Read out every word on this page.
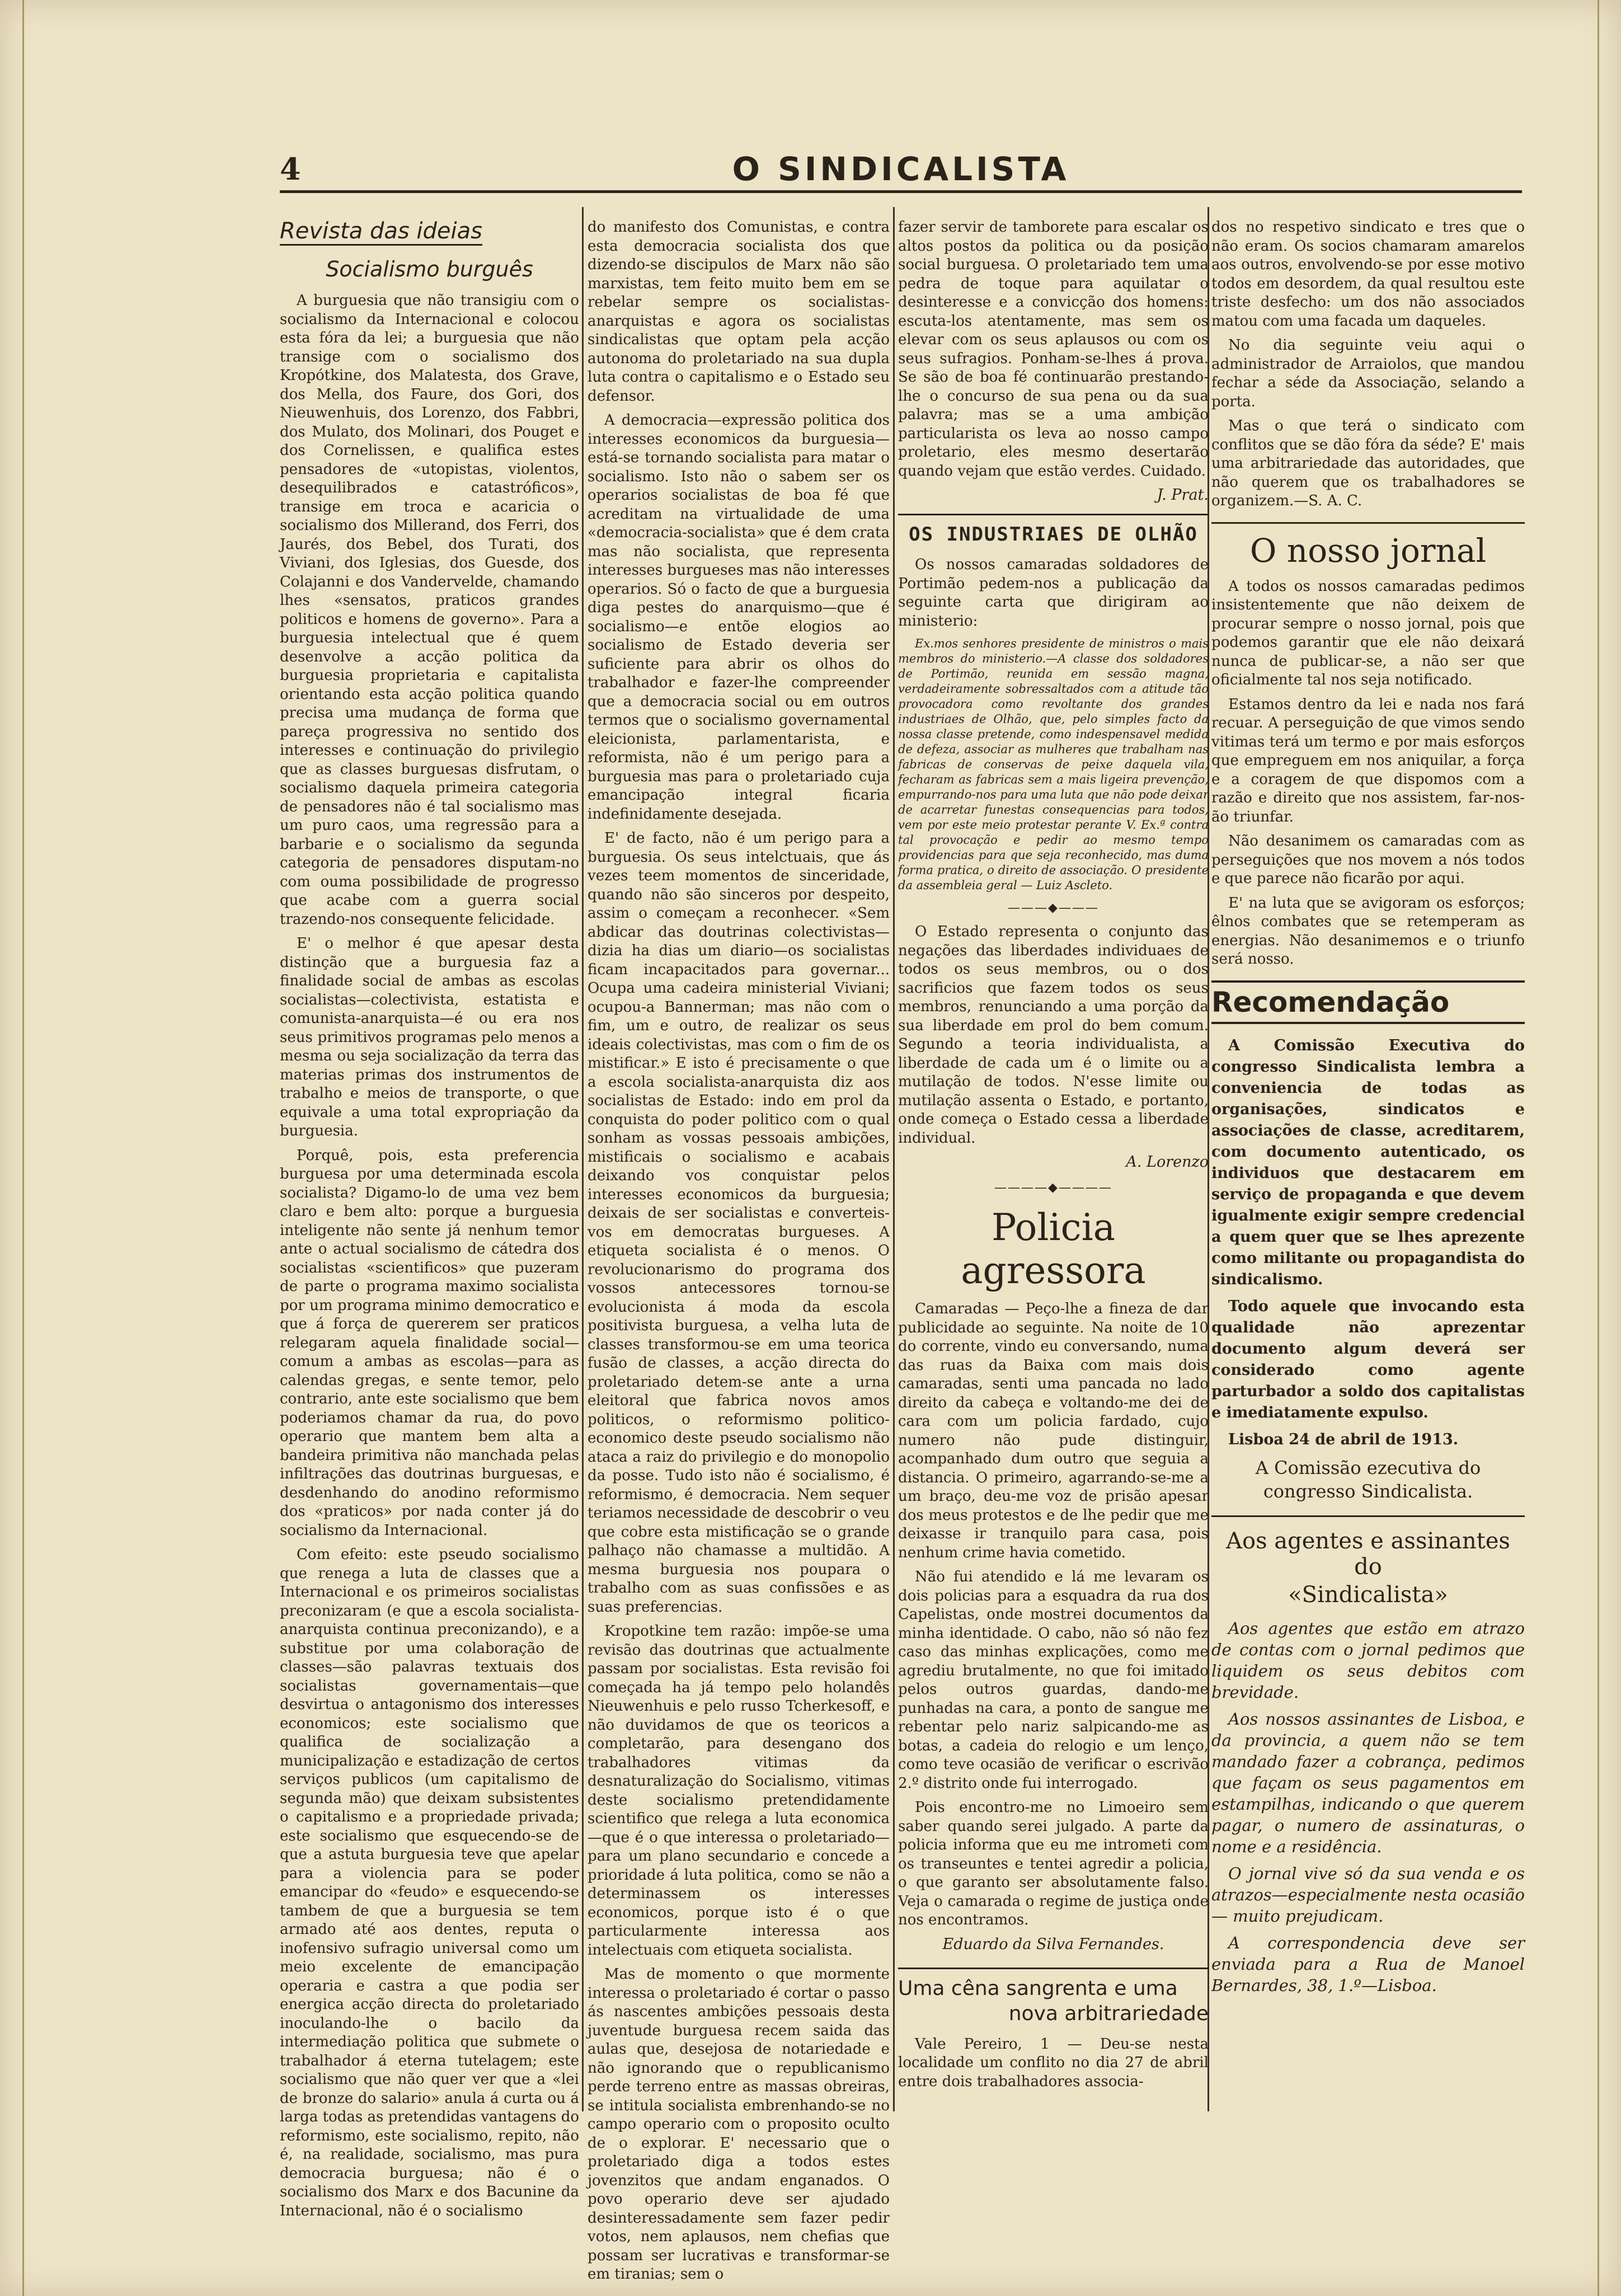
4	O SINDICALISTA
Revista das ideias
Socialismo burguês

A burguesia que não transigiu com o socialismo da Internacional e colocou esta fóra da lei; a burguesia que não transige com o socialismo dos Kropótkine, dos Malatesta, dos Grave, dos Mella, dos Faure, dos Gori, dos Nieuwenhuis, dos Lorenzo, dos Fabbri, dos Mulato, dos Molinari, dos Pouget e dos Cornelissen, e qualifica estes pensadores de «utopistas, violentos, desequilibrados e catastróficos», transige em troca e acaricia o socialismo dos Millerand, dos Ferri, dos Jaurés, dos Bebel, dos Turati, dos Viviani, dos Iglesias, dos Guesde, dos Colajanni e dos Vandervelde, chamando lhes «sensatos, praticos grandes politicos e homens de governo». Para a burguesia intelectual que é quem desenvolve a acção politica da burguesia proprietaria e capitalista orientando esta acção politica quando precisa uma mudança de forma que pareça progressiva no sentido dos interesses e continuação do privilegio que as classes burguesas disfrutam, o socialismo daquela primeira categoria de pensadores não é tal socialismo mas um puro caos, uma regressão para a barbarie e o socialismo da segunda categoria de pensadores disputam-no com ouma possibilidade de progresso que acabe com a guerra social trazendo-nos consequente felicidade.

E' o melhor é que apesar desta distinção que a burguesia faz a finalidade social de ambas as escolas socialistas—colectivista, estatista e comunista-anarquista—é ou era nos seus primitivos programas pelo menos a mesma ou seja socialização da terra das materias primas dos instrumentos de trabalho e meios de transporte, o que equivale a uma total expropriação da burguesia.

Porquê, pois, esta preferencia burguesa por uma determinada escola socialista? Digamo-lo de uma vez bem claro e bem alto: porque a burguesia inteligente não sente já nenhum temor ante o actual socialismo de cátedra dos socialistas «scientificos» que puzeram de parte o programa maximo socialista por um programa minimo democratico e que á força de quererem ser praticos relegaram aquela finalidade social—comum a ambas as escolas—para as calendas gregas, e sente temor, pelo contrario, ante este socialismo que bem poderiamos chamar da rua, do povo operario que mantem bem alta a bandeira primitiva não manchada pelas infiltrações das doutrinas burguesas, e desdenhando do anodino reformismo dos «praticos» por nada conter já do socialismo da Internacional.

Com efeito: este pseudo socialismo que renega a luta de classes que a Internacional e os primeiros socialistas preconizaram (e que a escola socialista-anarquista continua preconizando), e a substitue por uma colaboração de classes—são palavras textuais dos socialistas governamentais—que desvirtua o antagonismo dos interesses economicos; este socialismo que qualifica de socialização a municipalização e estadização de certos serviços publicos (um capitalismo de segunda mão) que deixam subsistentes o capitalismo e a propriedade privada; este socialismo que esquecendo-se de que a astuta burguesia teve que apelar para a violencia para se poder emancipar do «feudo» e esquecendo-se tambem de que a burguesia se tem armado até aos dentes, reputa o inofensivo sufragio universal como um meio excelente de emancipação operaria e castra a que podia ser energica acção directa do proletariado inoculando-lhe o bacilo da intermediação politica que submete o trabalhador á eterna tutelagem; este socialismo que não quer ver que a «lei de bronze do salario» anula á curta ou á larga todas as pretendidas vantagens do reformismo, este socialismo, repito, não é, na realidade, socialismo, mas pura democracia burguesa; não é o socialismo dos Marx e dos Bacunine da Internacional, não é o socialismo

do manifesto dos Comunistas, e contra esta democracia socialista dos que dizendo-se discipulos de Marx não são marxistas, tem feito muito bem em se rebelar sempre os socialistas-anarquistas e agora os socialistas sindicalistas que optam pela acção autonoma do proletariado na sua dupla luta contra o capitalismo e o Estado seu defensor.

A democracia—expressão politica dos interesses economicos da burguesia—está-se tornando socialista para matar o socialismo. Isto não o sabem ser os operarios socialistas de boa fé que acreditam na virtualidade de uma «democracia-socialista» que é dem crata mas não socialista, que representa interesses burgueses mas não interesses operarios. Só o facto de que a burguesia diga pestes do anarquismo—que é socialismo—e entõe elogios ao socialismo de Estado deveria ser suficiente para abrir os olhos do trabalhador e fazer-lhe compreender que a democracia social ou em outros termos que o socialismo governamental eleicionista, parlamentarista, e reformista, não é um perigo para a burguesia mas para o proletariado cuja emancipação integral ficaria indefinidamente desejada.

E' de facto, não é um perigo para a burguesia. Os seus intelctuais, que ás vezes teem momentos de sinceridade, quando não são sinceros por despeito, assim o começam a reconhecer. «Sem abdicar das doutrinas colectivistas—dizia ha dias um diario—os socialistas ficam incapacitados para governar... Ocupa uma cadeira ministerial Viviani; ocupou-a Bannerman; mas não com o fim, um e outro, de realizar os seus ideais colectivistas, mas com o fim de os mistificar.» E isto é precisamente o que a escola socialista-anarquista diz aos socialistas de Estado: indo em prol da conquista do poder politico com o qual sonham as vossas pessoais ambições, mistificais o socialismo e acabais deixando vos conquistar pelos interesses economicos da burguesia; deixais de ser socialistas e converteis-vos em democratas burgueses. A etiqueta socialista é o menos. O revolucionarismo do programa dos vossos antecessores tornou-se evolucionista á moda da escola positivista burguesa, a velha luta de classes transformou-se em uma teorica fusão de classes, a acção directa do proletariado detem-se ante a urna eleitoral que fabrica novos amos politicos, o reformismo politico-economico deste pseudo socialismo não ataca a raiz do privilegio e do monopolio da posse. Tudo isto não é socialismo, é reformismo, é democracia. Nem sequer teriamos necessidade de descobrir o veu que cobre esta mistificação se o grande palhaço não chamasse a multidão. A mesma burguesia nos poupara o trabalho com as suas confissões e as suas preferencias.

Kropotkine tem razão: impõe-se uma revisão das doutrinas que actualmente passam por socialistas. Esta revisão foi começada ha já tempo pelo holandês Nieuwenhuis e pelo russo Tcherkesoff, e não duvidamos de que os teoricos a completarão, para desengano dos trabalhadores vitimas da desnaturalização do Socialismo, vitimas deste socialismo pretendidamente scientifico que relega a luta economica—que é o que interessa o proletariado—para um plano secundario e concede a prioridade á luta politica, como se não a determinassem os interesses economicos, porque isto é o que particularmente interessa aos intelectuais com etiqueta socialista.

Mas de momento o que mormente interessa o proletariado é cortar o passo ás nascentes ambições pessoais desta juventude burguesa recem saida das aulas que, desejosa de notariedade e não ignorando que o republicanismo perde terreno entre as massas obreiras, se intitula socialista embrenhando-se no campo operario com o proposito oculto de o explorar. E' necessario que o proletariado diga a todos estes jovenzitos que andam enganados. O povo operario deve ser ajudado desinteressadamente sem fazer pedir votos, nem aplausos, nem chefias que possam ser lucrativas e transformar-se em tiranias; sem o

fazer servir de tamborete para escalar os altos postos da politica ou da posição social burguesa. O proletariado tem uma pedra de toque para aquilatar o desinteresse e a convicção dos homens: escuta-los atentamente, mas sem os elevar com os seus aplausos ou com os seus sufragios. Ponham-se-lhes á prova. Se são de boa fé continuarão prestando-lhe o concurso de sua pena ou da sua palavra; mas se a uma ambição particularista os leva ao nosso campo proletario, eles mesmo desertarão quando vejam que estão verdes. Cuidado.

J. Prat.
OS INDUSTRIAES DE OLHÃO

Os nossos camaradas soldadores de Portimão pedem-nos a publicação da seguinte carta que dirigiram ao ministerio:

Ex.mos senhores presidente de ministros o mais membros do ministerio.—A classe dos soldadores de Portimão, reunida em sessão magna, verdadeiramente sobressaltados com a atitude tão provocadora como revoltante dos grandes industriaes de Olhão, que, pelo simples facto da nossa classe pretende, como indespensavel medida de defeza, associar as mulheres que trabalham nas fabricas de conservas de peixe daquela vila, fecharam as fabricas sem a mais ligeira prevenção, empurrando-nos para uma luta que não pode deixar de acarretar funestas consequencias para todos, vem por este meio protestar perante V. Ex.ª contra tal provocação e pedir ao mesmo tempo providencias para que seja reconhecido, mas duma forma pratica, o direito de associação. O presidente da assembleia geral — Luiz Ascleto.

———◆———

O Estado representa o conjunto das negações das liberdades individuaes de todos os seus membros, ou o dos sacrificios que fazem todos os seus membros, renunciando a uma porção da sua liberdade em prol do bem comum. Segundo a teoria individualista, a liberdade de cada um é o limite ou a mutilação de todos. N'esse limite ou mutilação assenta o Estado, e portanto, onde começa o Estado cessa a liberdade individual.

A. Lorenzo
————◆————
Policia agressora

Camaradas — Peço-lhe a fineza de dar publicidade ao seguinte. Na noite de 10 do corrente, vindo eu conversando, numa das ruas da Baixa com mais dois camaradas, senti uma pancada no lado direito da cabeça e voltando-me dei de cara com um policia fardado, cujo numero não pude distinguir, acompanhado dum outro que seguia a distancia. O primeiro, agarrando-se-me a um braço, deu-me voz de prisão apesar dos meus protestos e de lhe pedir que me deixasse ir tranquilo para casa, pois nenhum crime havia cometido.

Não fui atendido e lá me levaram os dois policias para a esquadra da rua dos Capelistas, onde mostrei documentos da minha identidade. O cabo, não só não fez caso das minhas explicações, como me agrediu brutalmente, no que foi imitado pelos outros guardas, dando-me punhadas na cara, a ponto de sangue me rebentar pelo nariz salpicando-me as botas, a cadeia do relogio e um lenço, como teve ocasião de verificar o escrivão 2.º distrito onde fui interrogado.

Pois encontro-me no Limoeiro sem saber quando serei julgado. A parte da policia informa que eu me intrometi com os transeuntes e tentei agredir a policia, o que garanto ser absolutamente falso. Veja o camarada o regime de justiça onde nos encontramos.

Eduardo da Silva Fernandes.
Uma cêna sangrenta e uma
nova arbitrariedade

Vale Pereiro, 1 — Deu-se nesta localidade um conflito no dia 27 de abril entre dois trabalhadores associa-

dos no respetivo sindicato e tres que o não eram. Os socios chamaram amarelos aos outros, envolvendo-se por esse motivo todos em desordem, da qual resultou este triste desfecho: um dos não associados matou com uma facada um daqueles.

No dia seguinte veiu aqui o administrador de Arraiolos, que mandou fechar a séde da Associação, selando a porta.

Mas o que terá o sindicato com conflitos que se dão fóra da séde? E' mais uma arbitrariedade das autoridades, que não querem que os trabalhadores se organizem.—S. A. C.

O nosso jornal

A todos os nossos camaradas pedimos insistentemente que não deixem de procurar sempre o nosso jornal, pois que podemos garantir que ele não deixará nunca de publicar-se, a não ser que oficialmente tal nos seja notificado.

Estamos dentro da lei e nada nos fará recuar. A perseguição de que vimos sendo vitimas terá um termo e por mais esforços que empreguem em nos aniquilar, a força e a coragem de que dispomos com a razão e direito que nos assistem, far-nos-ão triunfar.

Não desanimem os camaradas com as perseguições que nos movem a nós todos e que parece não ficarão por aqui.

E' na luta que se avigoram os esforços; êlnos combates que se retemperam as energias. Não desanimemos e o triunfo será nosso.

Recomendação

A Comissão Executiva do congresso Sindicalista lembra a conveniencia de todas as organisações, sindicatos e associações de classe, acreditarem, com documento autenticado, os individuos que destacarem em serviço de propaganda e que devem igualmente exigir sempre credencial a quem quer que se lhes aprezente como militante ou propagandista do sindicalismo.

Todo aquele que invocando esta qualidade não aprezentar documento algum deverá ser considerado como agente parturbador a soldo dos capitalistas e imediatamente expulso.

Lisboa 24 de abril de 1913.

A Comissão ezecutiva do congresso Sindicalista.
Aos agentes e assinantes do
«Sindicalista»

Aos agentes que estão em atrazo de contas com o jornal pedimos que liquidem os seus debitos com brevidade.

Aos nossos assinantes de Lisboa, e da provincia, a quem não se tem mandado fazer a cobrança, pedimos que façam os seus pagamentos em estampilhas, indicando o que querem pagar, o numero de assinaturas, o nome e a residência.

O jornal vive só da sua venda e os atrazos—especialmente nesta ocasião — muito prejudicam.

A correspondencia deve ser enviada para a Rua de Manoel Bernardes, 38, 1.º—Lisboa.
